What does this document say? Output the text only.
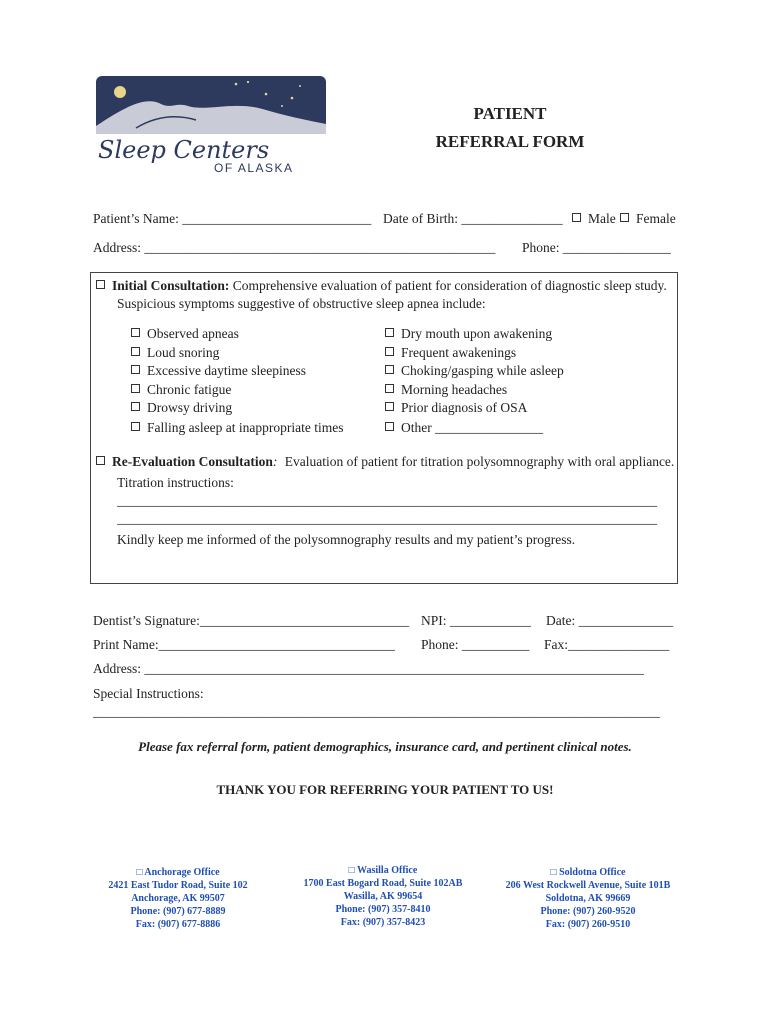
Sleep Centers
OF ALASKA
PATIENT
REFERRAL FORM
Patient’s Name: ____________________________ Date of Birth: _______________	Male	Female
Address: ____________________________________________________ Phone: ________________
Initial Consultation: Comprehensive evaluation of patient for consideration of diagnostic sleep study.
Suspicious symptoms suggestive of obstructive sleep apnea include:
Observed apneas
Loud snoring
Excessive daytime sleepiness
Chronic fatigue
Drowsy driving
Falling asleep at inappropriate times
Dry mouth upon awakening
Frequent awakenings
Choking/gasping while asleep
Morning headaches
Prior diagnosis of OSA
Other ________________
Re-Evaluation Consultation: Evaluation of patient for titration polysomnography with oral appliance.
Titration instructions:
________________________________________________________________________________
________________________________________________________________________________
Kindly keep me informed of the polysomnography results and my patient’s progress.
Dentist’s Signature:_______________________________ NPI: ____________ Date: ______________
Print Name:___________________________________ Phone: __________ Fax:_______________
Address: __________________________________________________________________________
Special Instructions:
____________________________________________________________________________________
Please fax referral form, patient demographics, insurance card, and pertinent clinical notes.
THANK YOU FOR REFERRING YOUR PATIENT TO US!
□ Anchorage Office
2421 East Tudor Road, Suite 102
Anchorage, AK 99507
Phone: (907) 677-8889
Fax: (907) 677-8886
□ Wasilla Office
1700 East Bogard Road, Suite 102AB
Wasilla, AK 99654
Phone: (907) 357-8410
Fax: (907) 357-8423
□ Soldotna Office
206 West Rockwell Avenue, Suite 101B
Soldotna, AK 99669
Phone: (907) 260-9520
Fax: (907) 260-9510
